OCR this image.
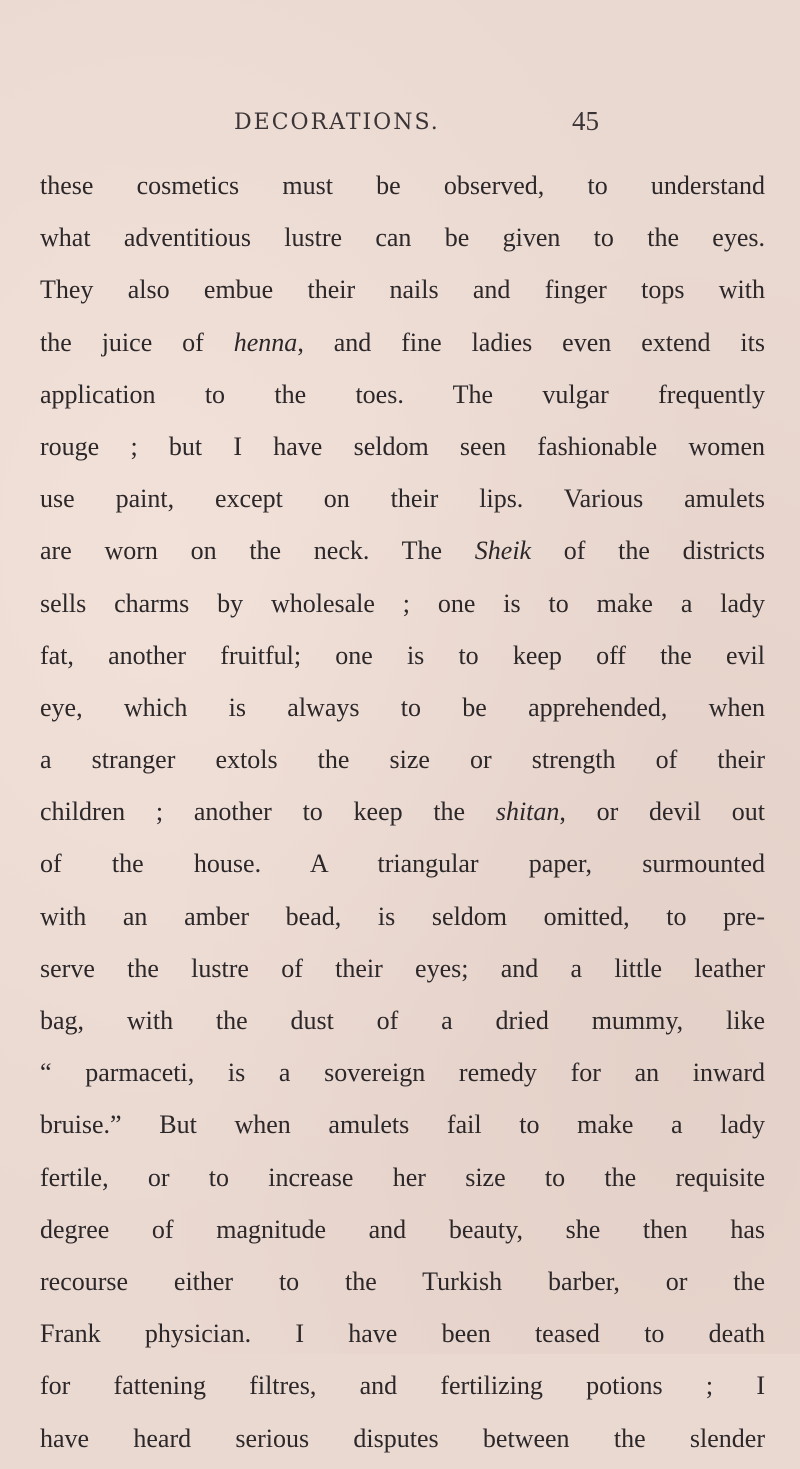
DECORATIONS.	45
these cosmetics must be observed, to understand
what adventitious lustre can be given to the eyes.
They also embue their nails and finger tops with
the juice of henna, and fine ladies even extend its
application to the toes. The vulgar frequently
rouge ; but I have seldom seen fashionable women
use paint, except on their lips. Various amulets
are worn on the neck. The Sheik of the districts
sells charms by wholesale ; one is to make a lady
fat, another fruitful; one is to keep off the evil
eye, which is always to be apprehended, when
a stranger extols the size or strength of their
children ; another to keep the shitan, or devil out
of the house. A triangular paper, surmounted
with an amber bead, is seldom omitted, to pre-
serve the lustre of their eyes; and a little leather
bag, with the dust of a dried mummy, like
“ parmaceti, is a sovereign remedy for an inward
bruise.” But when amulets fail to make a lady
fertile, or to increase her size to the requisite
degree of magnitude and beauty, she then has
recourse either to the Turkish barber, or the
Frank physician. I have been teased to death
for fattening filtres, and fertilizing potions ; I
have heard serious disputes between the slender
